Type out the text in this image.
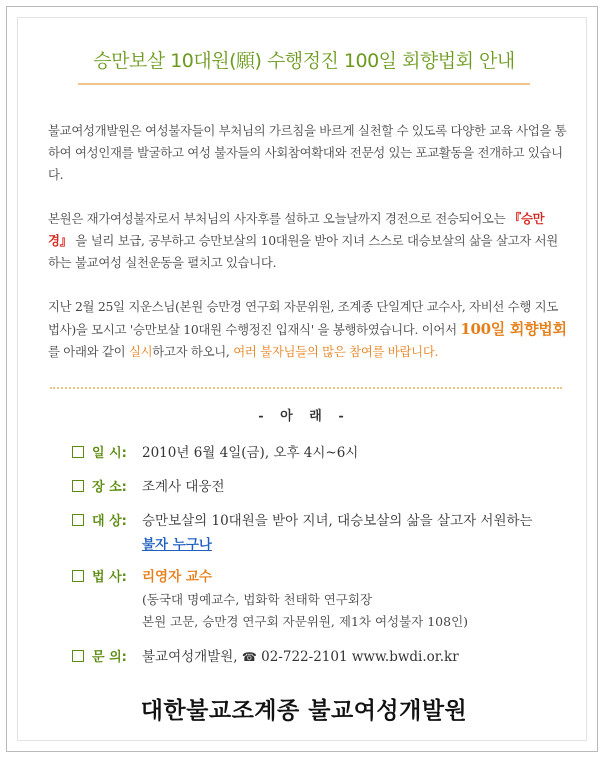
승만보살 10대원(願) 수행정진 100일 회향법회 안내
불교여성개발원은 여성불자들이 부처님의 가르침을 바르게 실천할 수 있도록 다양한 교육 사업을 통하여 여성인재를 발굴하고 여성 불자들의 사회참여확대와 전문성 있는 포교활동을 전개하고 있습니다.
본원은 재가여성불자로서 부처님의 사자후를 설하고 오늘날까지 경전으로 전승되어오는 『승만경』 을 널리 보급, 공부하고 승만보살의 10대원을 받아 지녀 스스로 대승보살의 삶을 살고자 서원하는 불교여성 실천운동을 펼치고 있습니다.
지난 2월 25일 지운스님(본원 승만경 연구회 자문위원, 조계종 단일계단 교수사, 자비선 수행 지도법사)을 모시고 '승만보살 10대원 수행정진 입재식' 을 봉행하였습니다. 이어서 100일 회향법회를 아래와 같이 실시하고자 하오니, 여러 불자님들의 많은 참여를 바랍니다.
- 아 래 -
일 시: 2010년 6월 4일(금), 오후 4시~6시
장 소: 조계사 대웅전
대 상: 승만보살의 10대원을 받아 지녀, 대승보살의 삶을 살고자 서원하는
불자 누구나
법 사: 리영자 교수
(동국대 명예교수, 법화학 천태학 연구회장
본원 고문, 승만경 연구회 자문위원, 제1차 여성불자 108인)
문 의: 불교여성개발원, ☎ 02-722-2101 www.bwdi.or.kr
대한불교조계종 불교여성개발원
